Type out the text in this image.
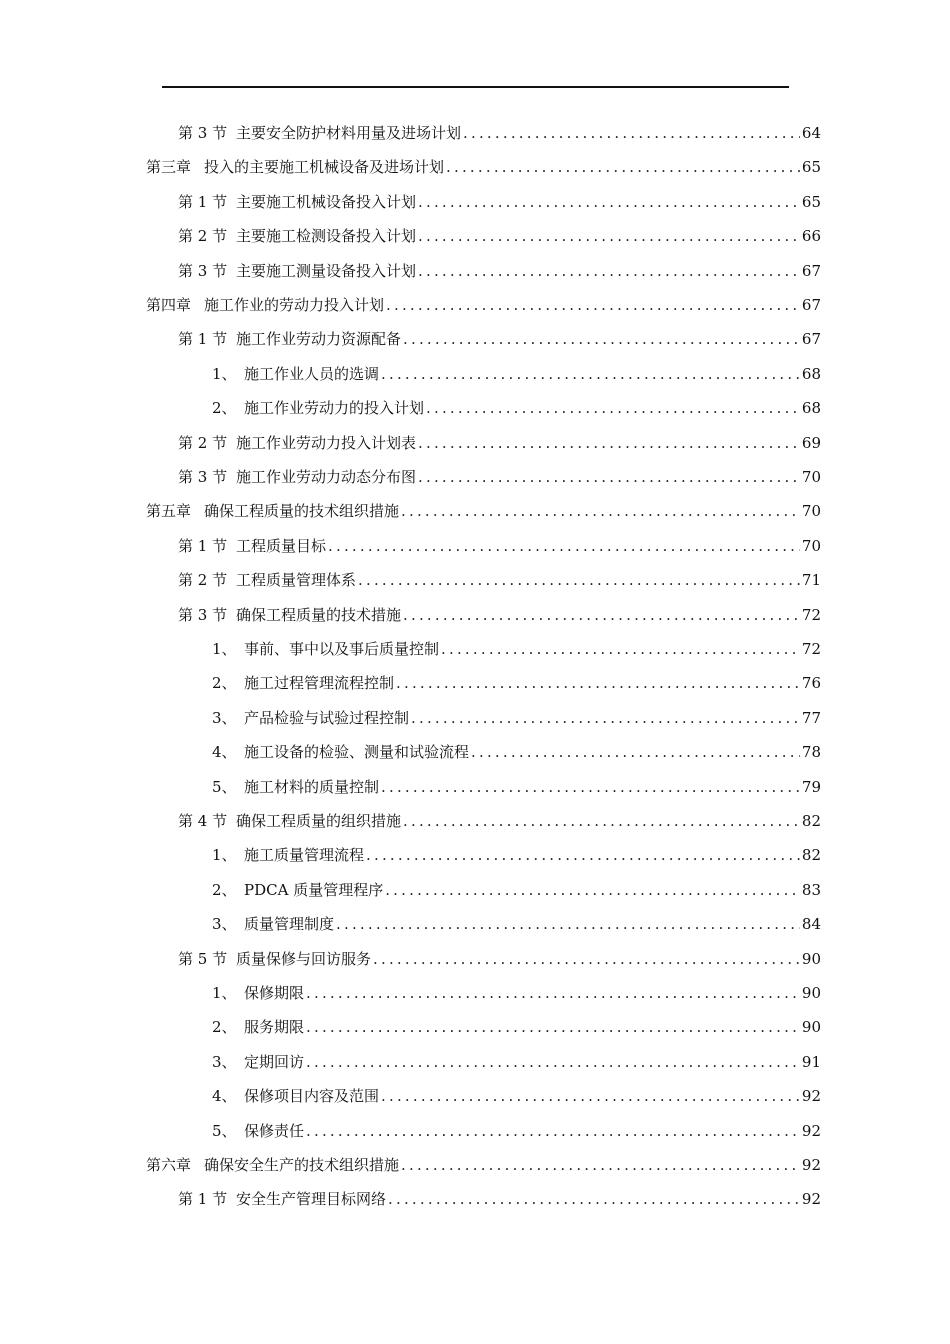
第 3 节 主要安全防护材料用量及进场计划 .....	64
第三章 投入的主要施工机械设备及进场计划 .....	65
第 1 节 主要施工机械设备投入计划 .....	65
第 2 节 主要施工检测设备投入计划 .....	66
第 3 节 主要施工测量设备投入计划 .....	67
第四章 施工作业的劳动力投入计划 .....	67
第 1 节 施工作业劳动力资源配备 .....	67
1、 施工作业人员的选调 .....	68
2、 施工作业劳动力的投入计划 .....	68
第 2 节 施工作业劳动力投入计划表 .....	69
第 3 节 施工作业劳动力动态分布图 .....	70
第五章 确保工程质量的技术组织措施 .....	70
第 1 节 工程质量目标 .....	70
第 2 节 工程质量管理体系 .....	71
第 3 节 确保工程质量的技术措施 .....	72
1、 事前、事中以及事后质量控制 .....	72
2、 施工过程管理流程控制 .....	76
3、 产品检验与试验过程控制 .....	77
4、 施工设备的检验、测量和试验流程 .....	78
5、 施工材料的质量控制 .....	79
第 4 节 确保工程质量的组织措施 .....	82
1、 施工质量管理流程 .....	82
2、 PDCA 质量管理程序 .....	83
3、 质量管理制度 .....	84
第 5 节 质量保修与回访服务 .....	90
1、 保修期限 .....	90
2、 服务期限 .....	90
3、 定期回访 .....	91
4、 保修项目内容及范围 .....	92
5、 保修责任 .....	92
第六章 确保安全生产的技术组织措施 .....	92
第 1 节 安全生产管理目标网络 .....	92
